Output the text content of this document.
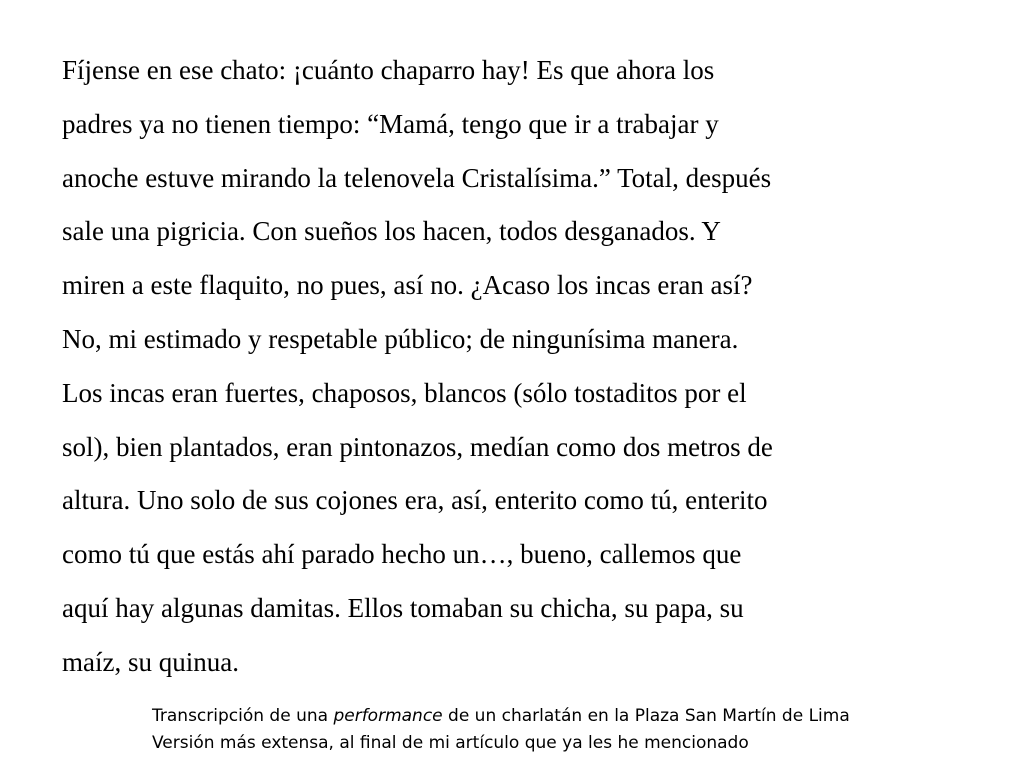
Fíjense en ese chato: ¡cuánto chaparro hay! Es que ahora los
padres ya no tienen tiempo: “Mamá, tengo que ir a trabajar y
anoche estuve mirando la telenovela Cristalísima.” Total, después
sale una pigricia. Con sueños los hacen, todos desganados. Y
miren a este flaquito, no pues, así no. ¿Acaso los incas eran así?
No, mi estimado y respetable público; de ningunísima manera.
Los incas eran fuertes, chaposos, blancos (sólo tostaditos por el
sol), bien plantados, eran pintonazos, medían como dos metros de
altura. Uno solo de sus cojones era, así, enterito como tú, enterito
como tú que estás ahí parado hecho un…, bueno, callemos que
aquí hay algunas damitas. Ellos tomaban su chicha, su papa, su
maíz, su quinua.
Transcripción de una performance de un charlatán en la Plaza San Martín de Lima
Versión más extensa, al final de mi artículo que ya les he mencionado
